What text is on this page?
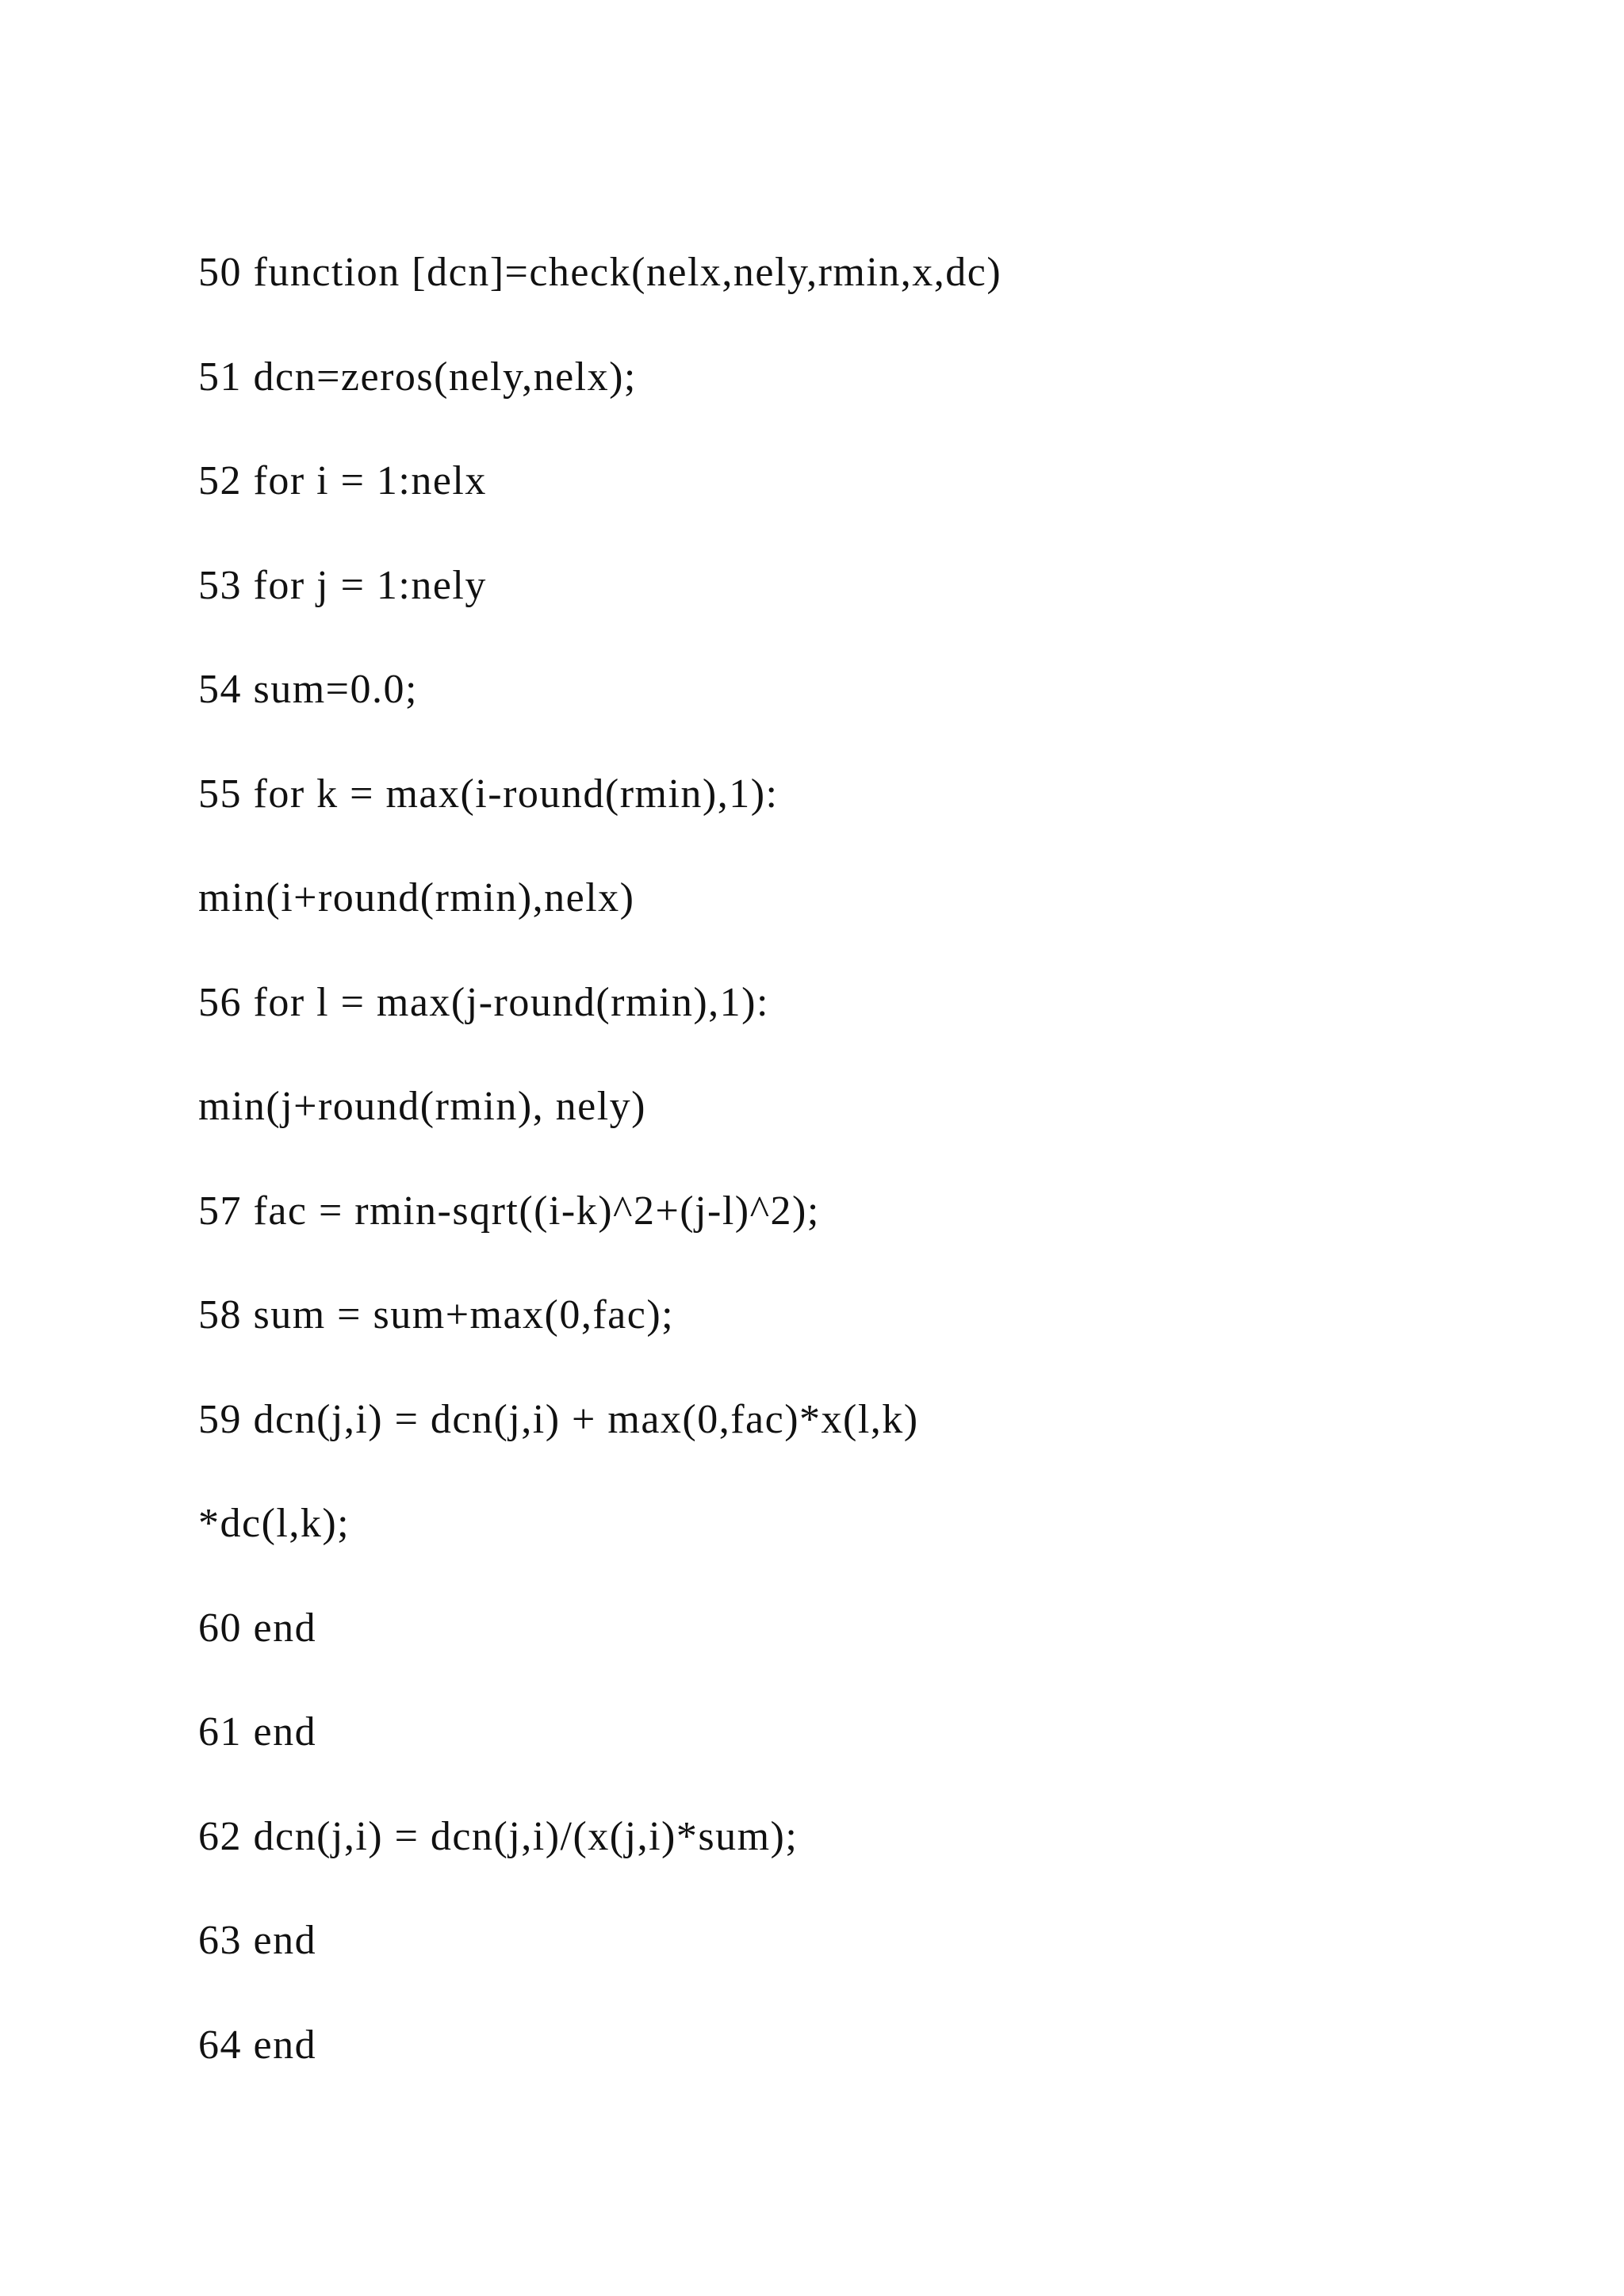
50 function [dcn]=check(nelx,nely,rmin,x,dc)
51 dcn=zeros(nely,nelx);
52 for i = 1:nelx
53 for j = 1:nely
54 sum=0.0;
55 for k = max(i-round(rmin),1):
min(i+round(rmin),nelx)
56 for l = max(j-round(rmin),1):
min(j+round(rmin), nely)
57 fac = rmin-sqrt((i-k)^2+(j-l)^2);
58 sum = sum+max(0,fac);
59 dcn(j,i) = dcn(j,i) + max(0,fac)*x(l,k)
*dc(l,k);
60 end
61 end
62 dcn(j,i) = dcn(j,i)/(x(j,i)*sum);
63 end
64 end
